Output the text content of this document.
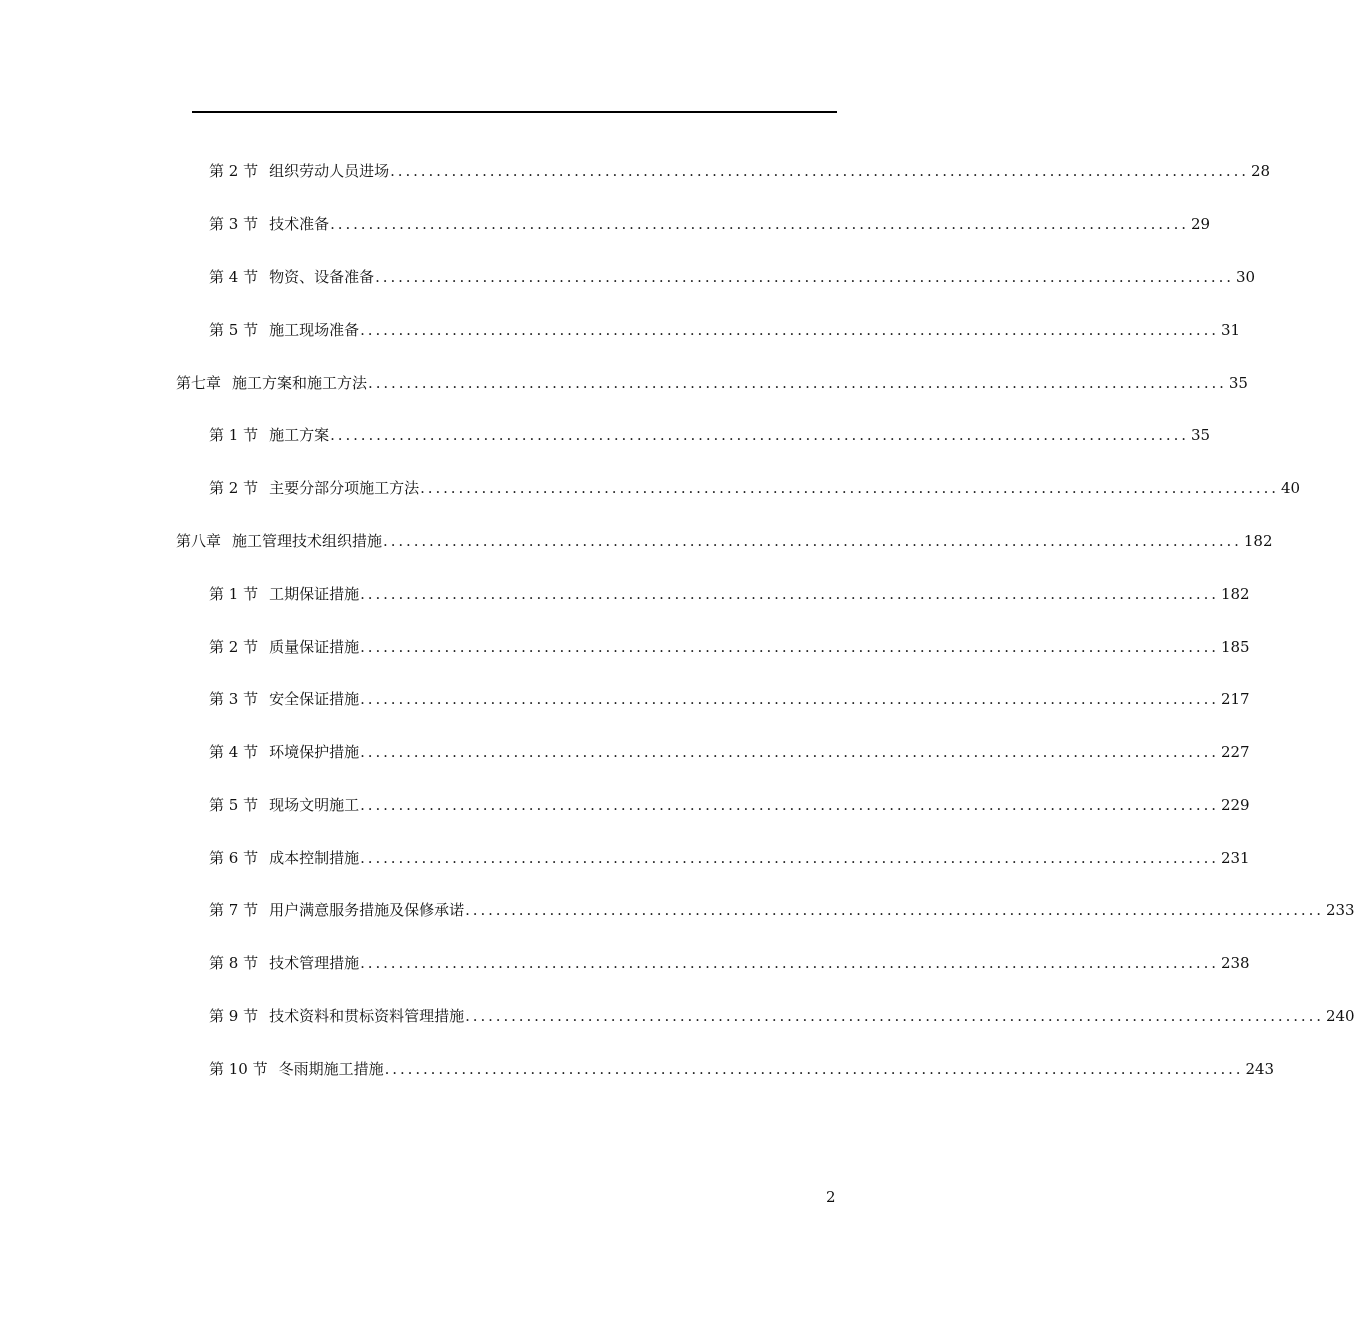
第 2 节 组织劳动人员进场 ................................................................................................................ 28
第 3 节 技术准备 ................................................................................................................ 29
第 4 节 物资、设备准备 ................................................................................................................ 30
第 5 节 施工现场准备 ................................................................................................................ 31
第七章 施工方案和施工方法 ................................................................................................................ 35
第 1 节 施工方案 ................................................................................................................ 35
第 2 节 主要分部分项施工方法 ................................................................................................................ 40
第八章 施工管理技术组织措施 ................................................................................................................ 182
第 1 节 工期保证措施 ................................................................................................................ 182
第 2 节 质量保证措施 ................................................................................................................ 185
第 3 节 安全保证措施 ................................................................................................................ 217
第 4 节 环境保护措施 ................................................................................................................ 227
第 5 节 现场文明施工 ................................................................................................................ 229
第 6 节 成本控制措施 ................................................................................................................ 231
第 7 节 用户满意服务措施及保修承诺 ................................................................................................................ 233
第 8 节 技术管理措施 ................................................................................................................ 238
第 9 节 技术资料和贯标资料管理措施 ................................................................................................................ 240
第 10 节 冬雨期施工措施 ................................................................................................................ 243
2
